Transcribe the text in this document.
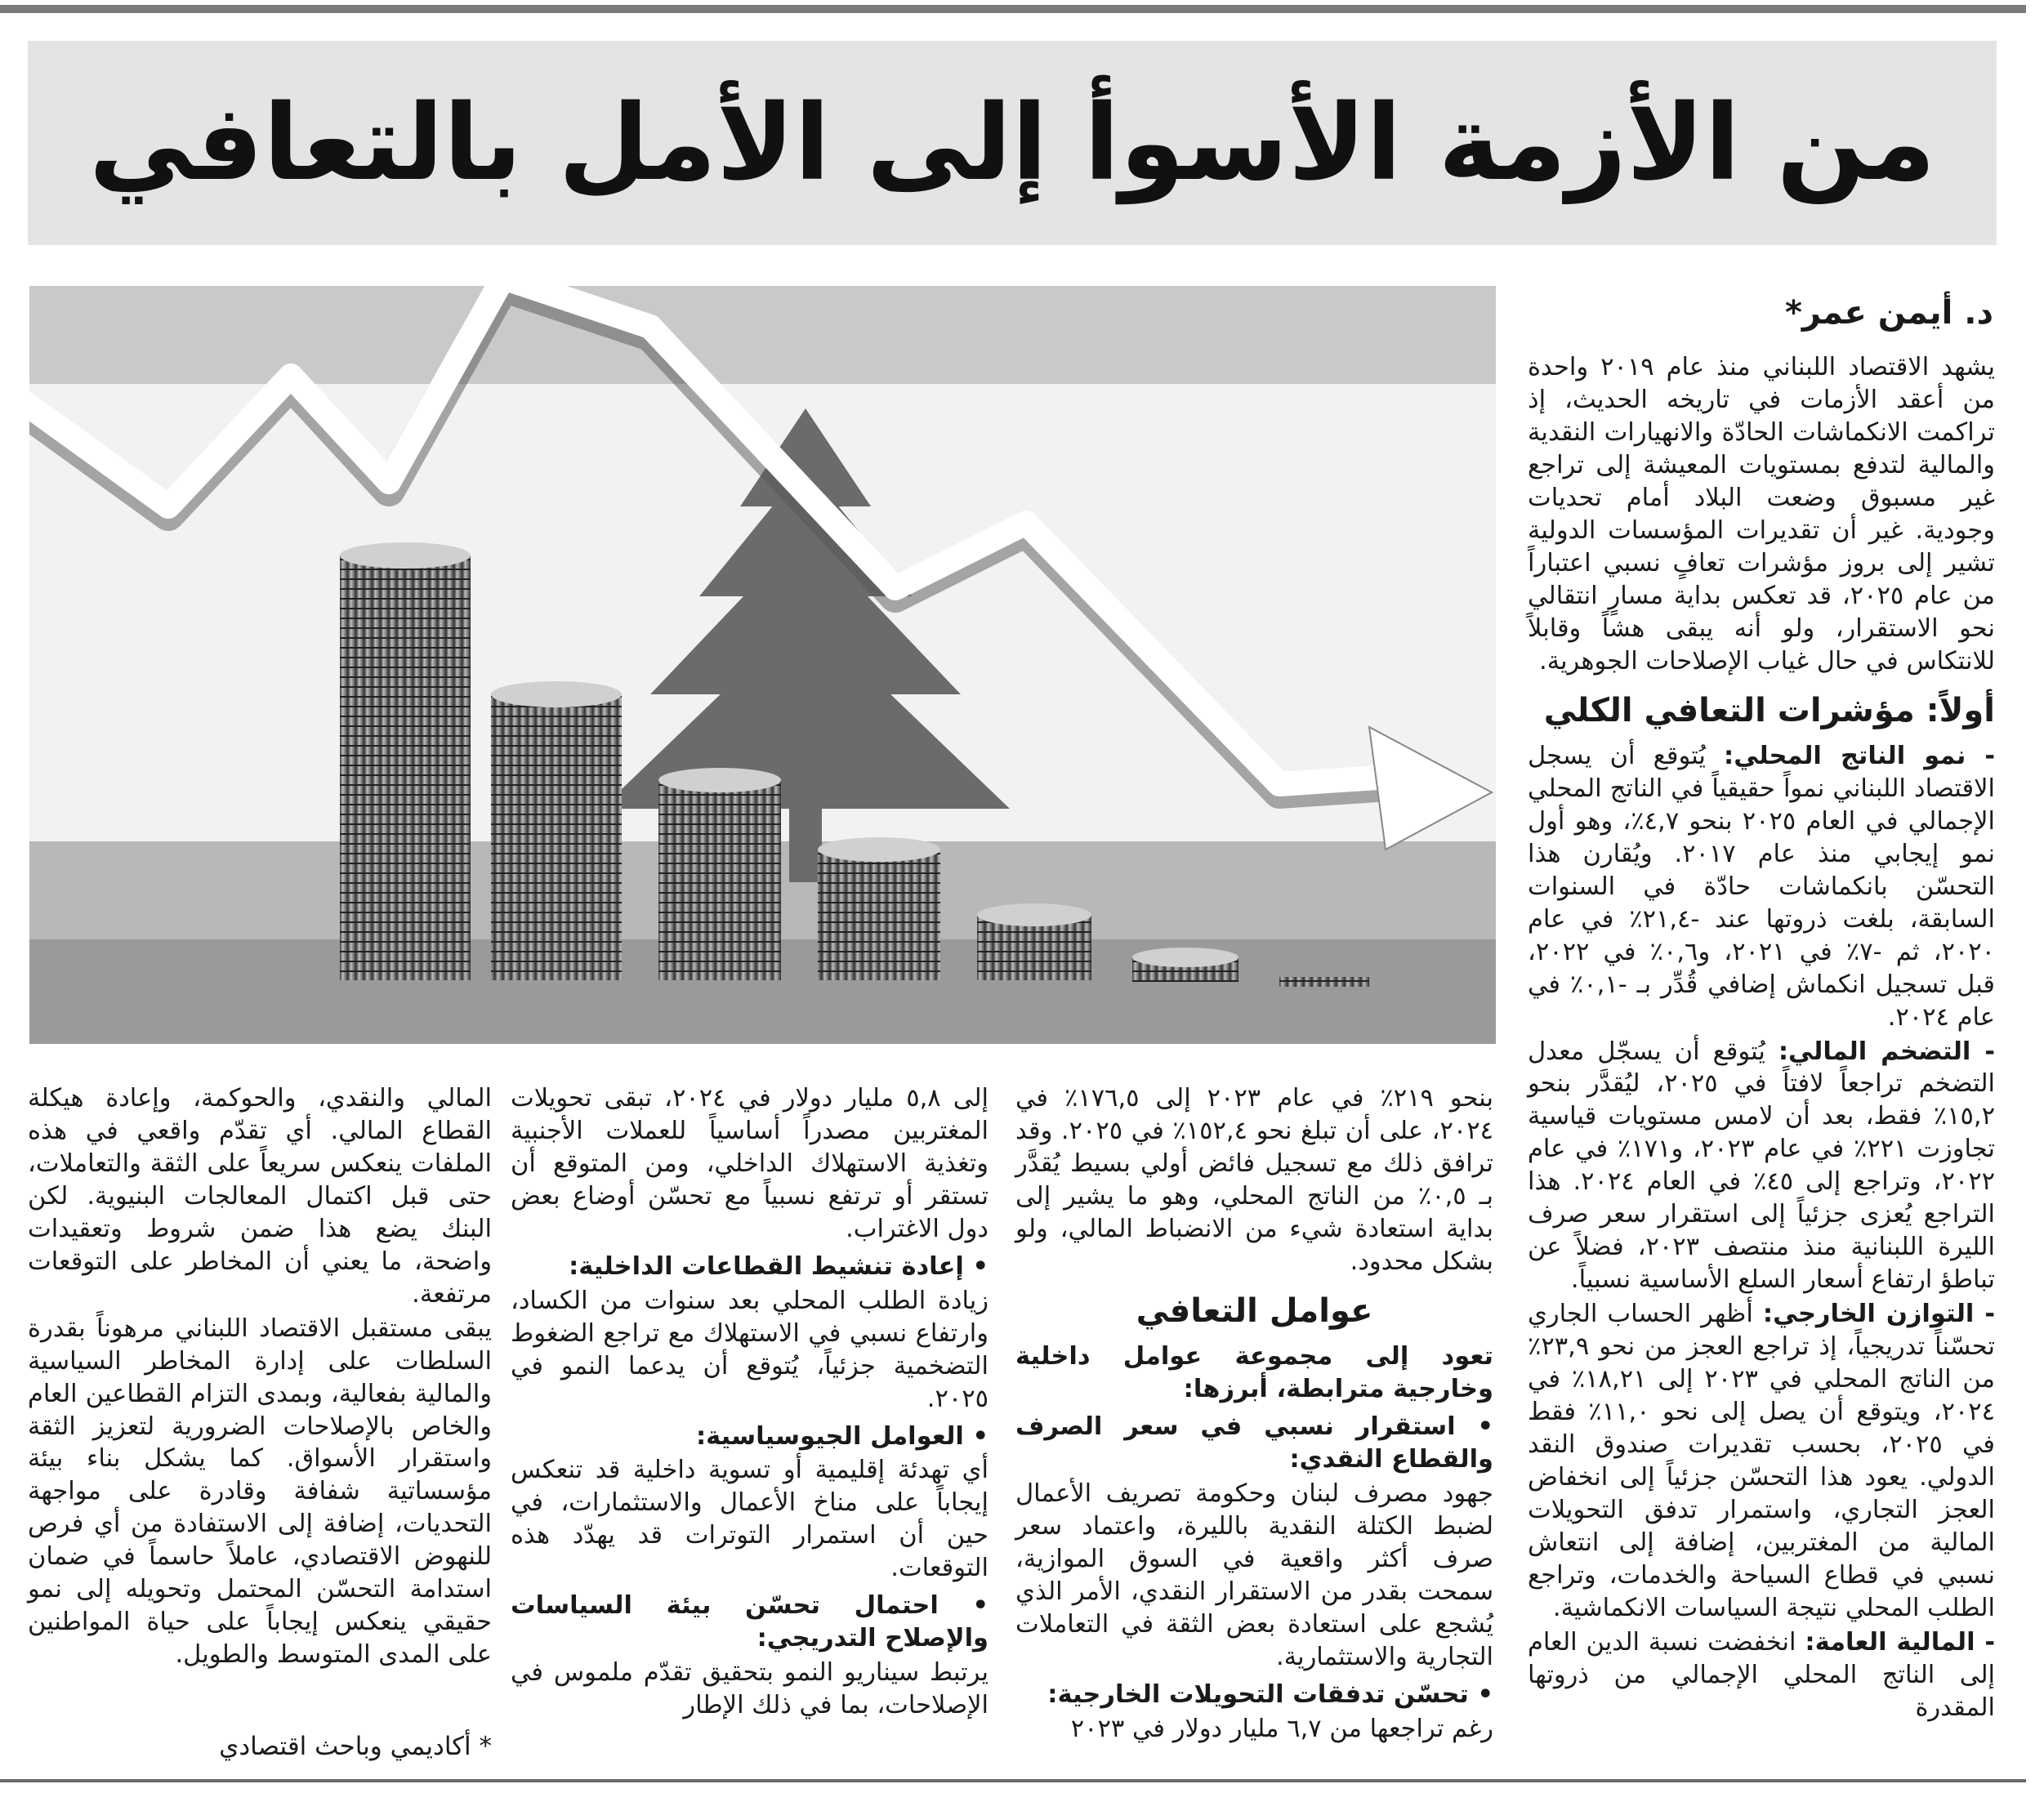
من الأزمة الأسوأ إلى الأمل بالتعافي
د. أيمن عمر*

يشهد الاقتصاد اللبناني منذ عام ٢٠١٩ واحدة من أعقد الأزمات في تاريخه الحديث، إذ تراكمت الانكماشات الحادّة والانهيارات النقدية والمالية لتدفع بمستويات المعيشة إلى تراجع غير مسبوق وضعت البلاد أمام تحديات وجودية. غير أن تقديرات المؤسسات الدولية تشير إلى بروز مؤشرات تعافٍ نسبي اعتباراً من عام ٢٠٢٥، قد تعكس بداية مسارٍ انتقالي نحو الاستقرار، ولو أنه يبقى هشاً وقابلاً للانتكاس في حال غياب الإصلاحات الجوهرية.

أولاً: مؤشرات التعافي الكلي

- نمو الناتج المحلي: يُتوقع أن يسجل الاقتصاد اللبناني نمواً حقيقياً في الناتج المحلي الإجمالي في العام ٢٠٢٥ بنحو ٤,٧٪، وهو أول نمو إيجابي منذ عام ٢٠١٧. ويُقارن هذا التحسّن بانكماشات حادّة في السنوات السابقة، بلغت ذروتها عند -٢١,٤٪ في عام ٢٠٢٠، ثم -٧٪ في ٢٠٢١، و٠,٦٪ في ٢٠٢٢، قبل تسجيل انكماش إضافي قُدِّر بـ -٠,١٪ في عام ٢٠٢٤.

- التضخم المالي: يُتوقع أن يسجّل معدل التضخم تراجعاً لافتاً في ٢٠٢٥، ليُقدَّر بنحو ١٥,٢٪ فقط، بعد أن لامس مستويات قياسية تجاوزت ٢٢١٪ في عام ٢٠٢٣، و١٧١٪ في عام ٢٠٢٢، وتراجع إلى ٤٥٪ في العام ٢٠٢٤. هذا التراجع يُعزى جزئياً إلى استقرار سعر صرف الليرة اللبنانية منذ منتصف ٢٠٢٣، فضلاً عن تباطؤ ارتفاع أسعار السلع الأساسية نسبياً.

- التوازن الخارجي: أظهر الحساب الجاري تحسّناً تدريجياً، إذ تراجع العجز من نحو ٢٣,٩٪ من الناتج المحلي في ٢٠٢٣ إلى ١٨,٢١٪ في ٢٠٢٤، ويتوقع أن يصل إلى نحو ١١,٠٪ فقط في ٢٠٢٥، بحسب تقديرات صندوق النقد الدولي. يعود هذا التحسّن جزئياً إلى انخفاض العجز التجاري، واستمرار تدفق التحويلات المالية من المغتربين، إضافة إلى انتعاش نسبي في قطاع السياحة والخدمات، وتراجع الطلب المحلي نتيجة السياسات الانكماشية.

- المالية العامة: انخفضت نسبة الدين العام إلى الناتج المحلي الإجمالي من ذروتها المقدرة

بنحو ٢١٩٪ في عام ٢٠٢٣ إلى ١٧٦,٥٪ في ٢٠٢٤، على أن تبلغ نحو ١٥٢,٤٪ في ٢٠٢٥. وقد ترافق ذلك مع تسجيل فائض أولي بسيط يُقدَّر بـ ٠,٥٪ من الناتج المحلي، وهو ما يشير إلى بداية استعادة شيء من الانضباط المالي، ولو بشكل محدود.

عوامل التعافي

تعود إلى مجموعة عوامل داخلية وخارجية مترابطة، أبرزها:

• استقرار نسبي في سعر الصرف والقطاع النقدي:

جهود مصرف لبنان وحكومة تصريف الأعمال لضبط الكتلة النقدية بالليرة، واعتماد سعر صرف أكثر واقعية في السوق الموازية، سمحت بقدر من الاستقرار النقدي، الأمر الذي يُشجع على استعادة بعض الثقة في التعاملات التجارية والاستثمارية.

• تحسّن تدفقات التحويلات الخارجية:

رغم تراجعها من ٦,٧ مليار دولار في ٢٠٢٣

إلى ٥,٨ مليار دولار في ٢٠٢٤، تبقى تحويلات المغتربين مصدراً أساسياً للعملات الأجنبية وتغذية الاستهلاك الداخلي، ومن المتوقع أن تستقر أو ترتفع نسبياً مع تحسّن أوضاع بعض دول الاغتراب.

• إعادة تنشيط القطاعات الداخلية:

زيادة الطلب المحلي بعد سنوات من الكساد، وارتفاع نسبي في الاستهلاك مع تراجع الضغوط التضخمية جزئياً، يُتوقع أن يدعما النمو في ٢٠٢٥.

• العوامل الجيوسياسية:

أي تهدئة إقليمية أو تسوية داخلية قد تنعكس إيجاباً على مناخ الأعمال والاستثمارات، في حين أن استمرار التوترات قد يهدّد هذه التوقعات.

• احتمال تحسّن بيئة السياسات والإصلاح التدريجي:

يرتبط سيناريو النمو بتحقيق تقدّم ملموس في الإصلاحات، بما في ذلك الإطار

المالي والنقدي، والحوكمة، وإعادة هيكلة القطاع المالي. أي تقدّم واقعي في هذه الملفات ينعكس سريعاً على الثقة والتعاملات، حتى قبل اكتمال المعالجات البنيوية. لكن البنك يضع هذا ضمن شروط وتعقيدات واضحة، ما يعني أن المخاطر على التوقعات مرتفعة.

يبقى مستقبل الاقتصاد اللبناني مرهوناً بقدرة السلطات على إدارة المخاطر السياسية والمالية بفعالية، وبمدى التزام القطاعين العام والخاص بالإصلاحات الضرورية لتعزيز الثقة واستقرار الأسواق. كما يشكل بناء بيئة مؤسساتية شفافة وقادرة على مواجهة التحديات، إضافة إلى الاستفادة من أي فرص للنهوض الاقتصادي، عاملاً حاسماً في ضمان استدامة التحسّن المحتمل وتحويله إلى نمو حقيقي ينعكس إيجاباً على حياة المواطنين على المدى المتوسط والطويل.

* أكاديمي وباحث اقتصادي
